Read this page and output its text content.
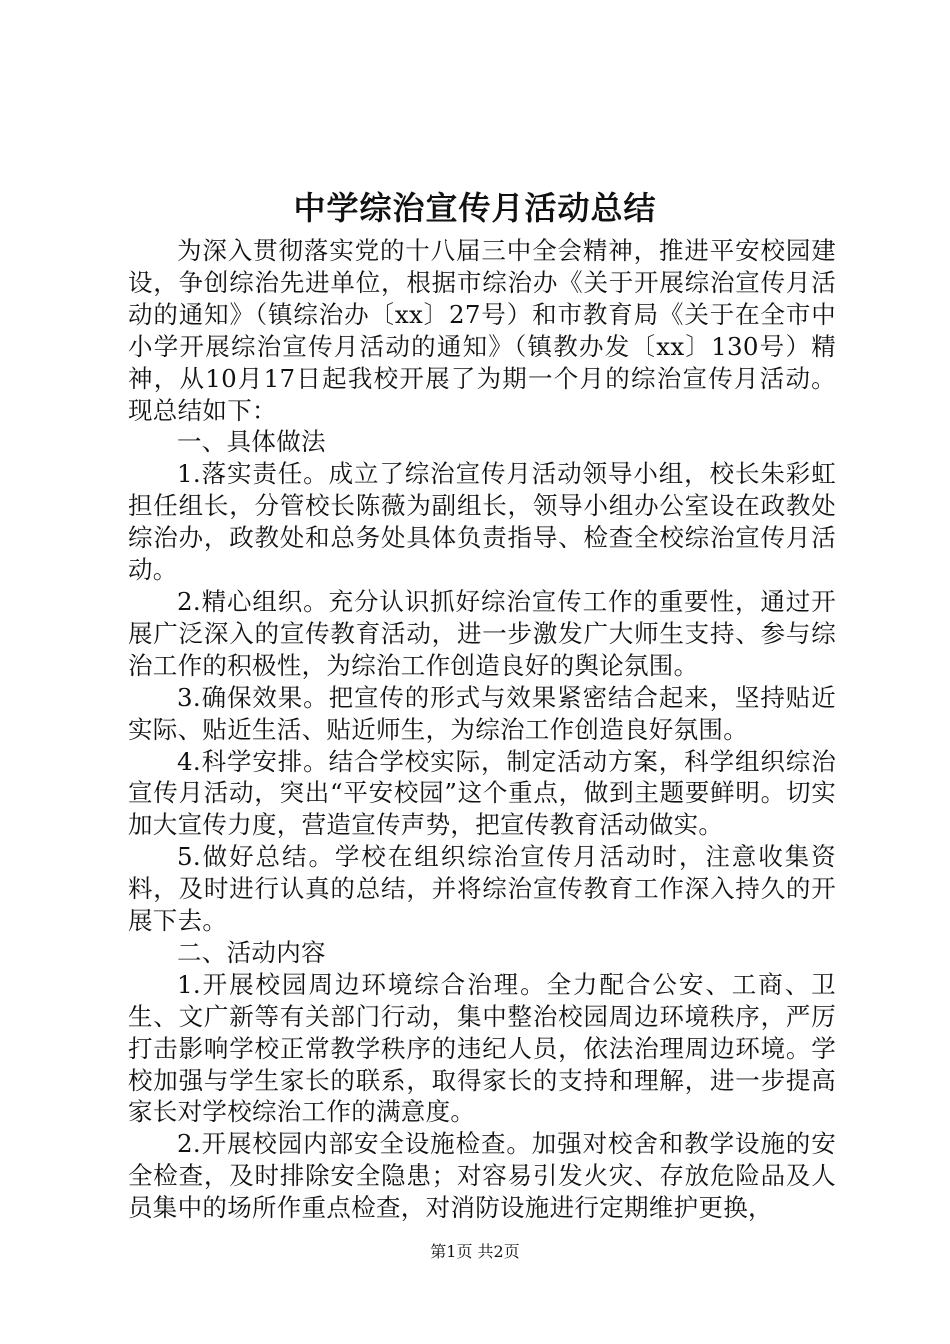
中学综治宣传月活动总结

为深入贯彻落实党的十八届三中全会精神，推进平安校园建设，争创综治先进单位，根据市综治办《关于开展综治宣传月活动的通知》（镇综治办〔xx〕27号）和市教育局《关于在全市中小学开展综治宣传月活动的通知》（镇教办发〔xx〕130号）精神，从10月17日起我校开展了为期一个月的综治宣传月活动。现总结如下：

一、具体做法

1.落实责任。成立了综治宣传月活动领导小组，校长朱彩虹担任组长，分管校长陈薇为副组长，领导小组办公室设在政教处综治办，政教处和总务处具体负责指导、检查全校综治宣传月活动。

2.精心组织。充分认识抓好综治宣传工作的重要性，通过开展广泛深入的宣传教育活动，进一步激发广大师生支持、参与综治工作的积极性，为综治工作创造良好的舆论氛围。

3.确保效果。把宣传的形式与效果紧密结合起来，坚持贴近实际、贴近生活、贴近师生，为综治工作创造良好氛围。

4.科学安排。结合学校实际，制定活动方案，科学组织综治宣传月活动，突出“平安校园”这个重点，做到主题要鲜明。切实加大宣传力度，营造宣传声势，把宣传教育活动做实。

5.做好总结。学校在组织综治宣传月活动时，注意收集资料，及时进行认真的总结，并将综治宣传教育工作深入持久的开展下去。

二、活动内容

1.开展校园周边环境综合治理。全力配合公安、工商、卫生、文广新等有关部门行动，集中整治校园周边环境秩序，严厉打击影响学校正常教学秩序的违纪人员，依法治理周边环境。学校加强与学生家长的联系，取得家长的支持和理解，进一步提高家长对学校综治工作的满意度。

2.开展校园内部安全设施检查。加强对校舍和教学设施的安全检查，及时排除安全隐患；对容易引发火灾、存放危险品及人员集中的场所作重点检查，对消防设施进行定期维护更换，

第1页 共2页
